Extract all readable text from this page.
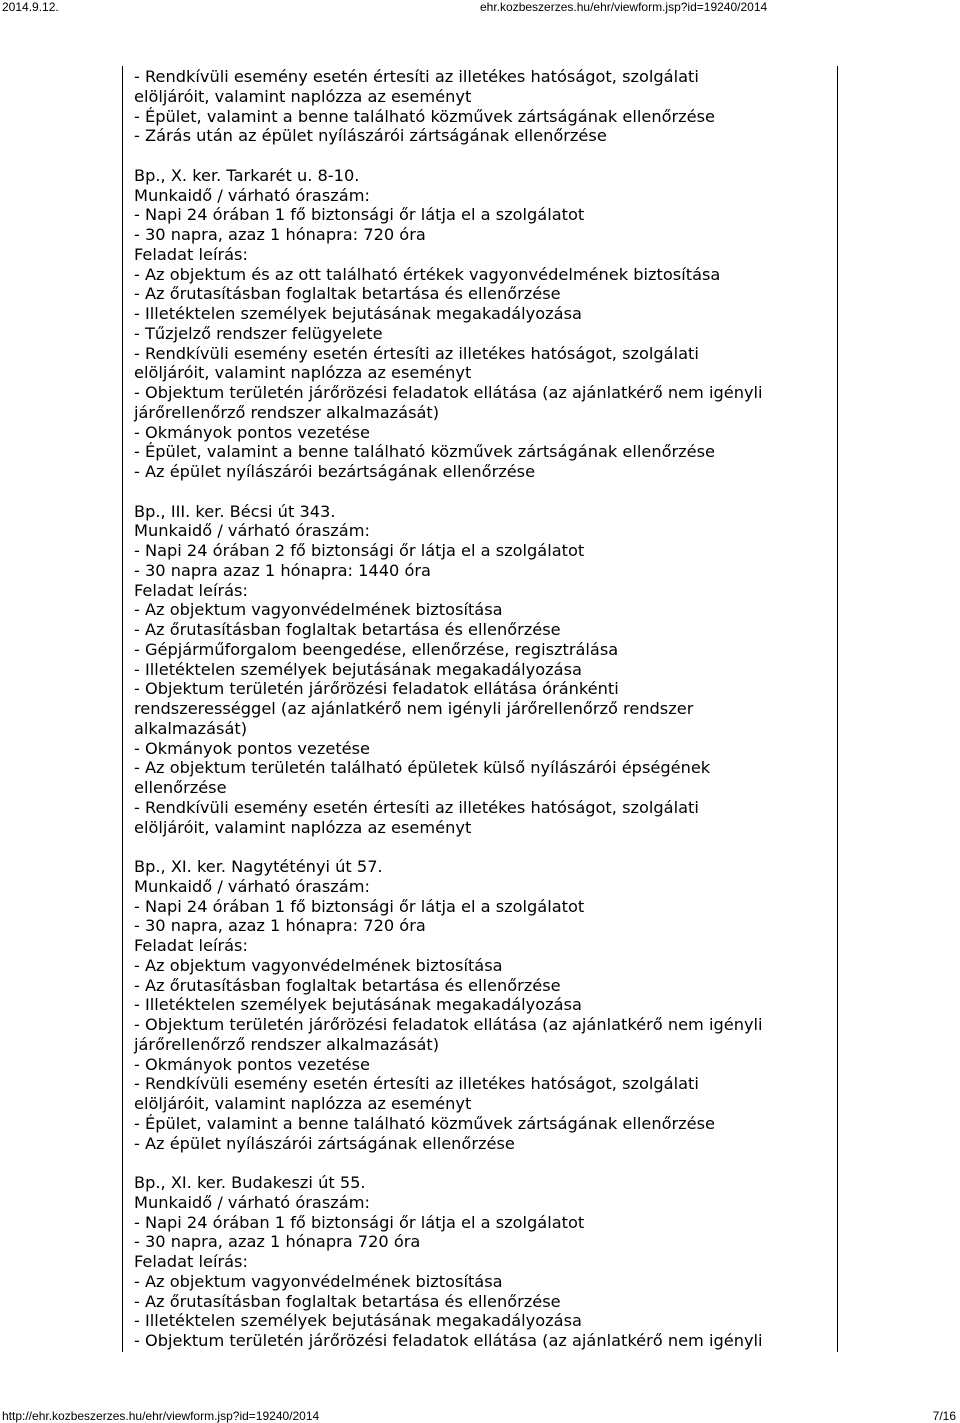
2014.9.12.	ehr.kozbeszerzes.hu/ehr/viewform.jsp?id=19240/2014
- Rendkívüli esemény esetén értesíti az illetékes hatóságot, szolgálati
elöljáróit, valamint naplózza az eseményt
- Épület, valamint a benne található közművek zártságának ellenőrzése
- Zárás után az épület nyílászárói zártságának ellenőrzése
Bp., X. ker. Tarkarét u. 8-10.
Munkaidő / várható óraszám:
- Napi 24 órában 1 fő biztonsági őr látja el a szolgálatot
- 30 napra, azaz 1 hónapra: 720 óra
Feladat leírás:
- Az objektum és az ott található értékek vagyonvédelmének biztosítása
- Az őrutasításban foglaltak betartása és ellenőrzése
- Illetéktelen személyek bejutásának megakadályozása
- Tűzjelző rendszer felügyelete
- Rendkívüli esemény esetén értesíti az illetékes hatóságot, szolgálati
elöljáróit, valamint naplózza az eseményt
- Objektum területén járőrözési feladatok ellátása (az ajánlatkérő nem igényli
járőrellenőrző rendszer alkalmazását)
- Okmányok pontos vezetése
- Épület, valamint a benne található közművek zártságának ellenőrzése
- Az épület nyílászárói bezártságának ellenőrzése
Bp., III. ker. Bécsi út 343.
Munkaidő / várható óraszám:
- Napi 24 órában 2 fő biztonsági őr látja el a szolgálatot
- 30 napra azaz 1 hónapra: 1440 óra
Feladat leírás:
- Az objektum vagyonvédelmének biztosítása
- Az őrutasításban foglaltak betartása és ellenőrzése
- Gépjárműforgalom beengedése, ellenőrzése, regisztrálása
- Illetéktelen személyek bejutásának megakadályozása
- Objektum területén járőrözési feladatok ellátása óránkénti
rendszerességgel (az ajánlatkérő nem igényli járőrellenőrző rendszer
alkalmazását)
- Okmányok pontos vezetése
- Az objektum területén található épületek külső nyílászárói épségének
ellenőrzése
- Rendkívüli esemény esetén értesíti az illetékes hatóságot, szolgálati
elöljáróit, valamint naplózza az eseményt
Bp., XI. ker. Nagytétényi út 57.
Munkaidő / várható óraszám:
- Napi 24 órában 1 fő biztonsági őr látja el a szolgálatot
- 30 napra, azaz 1 hónapra: 720 óra
Feladat leírás:
- Az objektum vagyonvédelmének biztosítása
- Az őrutasításban foglaltak betartása és ellenőrzése
- Illetéktelen személyek bejutásának megakadályozása
- Objektum területén járőrözési feladatok ellátása (az ajánlatkérő nem igényli
járőrellenőrző rendszer alkalmazását)
- Okmányok pontos vezetése
- Rendkívüli esemény esetén értesíti az illetékes hatóságot, szolgálati
elöljáróit, valamint naplózza az eseményt
- Épület, valamint a benne található közművek zártságának ellenőrzése
- Az épület nyílászárói zártságának ellenőrzése
Bp., XI. ker. Budakeszi út 55.
Munkaidő / várható óraszám:
- Napi 24 órában 1 fő biztonsági őr látja el a szolgálatot
- 30 napra, azaz 1 hónapra 720 óra
Feladat leírás:
- Az objektum vagyonvédelmének biztosítása
- Az őrutasításban foglaltak betartása és ellenőrzése
- Illetéktelen személyek bejutásának megakadályozása
- Objektum területén járőrözési feladatok ellátása (az ajánlatkérő nem igényli
http://ehr.kozbeszerzes.hu/ehr/viewform.jsp?id=19240/2014	7/16
